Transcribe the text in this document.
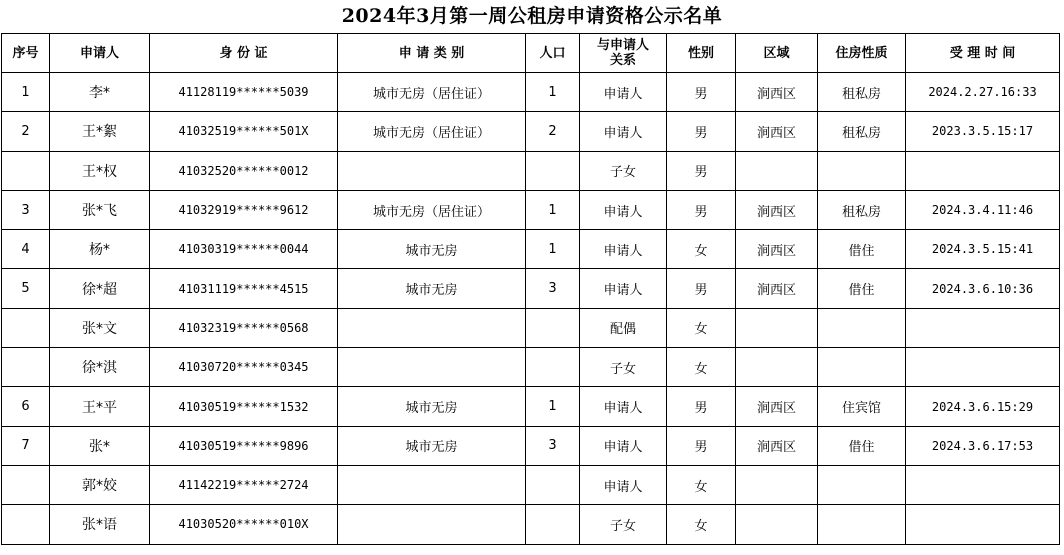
2024年3月第一周公租房申请资格公示名单
序号	申请人	身 份 证	申 请 类 别	人口	与申请人关系	性别	区域	住房性质	受 理 时 间
1	李*	41128119******5039	城市无房（居住证）	1	申请人	男	涧西区	租私房	2024.2.27.16:33
2	王*絮	41032519******501X	城市无房（居住证）	2	申请人	男	涧西区	租私房	2023.3.5.15:17
	王*权	41032520******0012			子女	男			
3	张*飞	41032919******9612	城市无房（居住证）	1	申请人	男	涧西区	租私房	2024.3.4.11:46
4	杨*	41030319******0044	城市无房	1	申请人	女	涧西区	借住	2024.3.5.15:41
5	徐*超	41031119******4515	城市无房	3	申请人	男	涧西区	借住	2024.3.6.10:36
	张*文	41032319******0568			配偶	女			
	徐*淇	41030720******0345			子女	女			
6	王*平	41030519******1532	城市无房	1	申请人	男	涧西区	住宾馆	2024.3.6.15:29
7	张*	41030519******9896	城市无房	3	申请人	男	涧西区	借住	2024.3.6.17:53
	郭*姣	41142219******2724			申请人	女			
	张*语	41030520******010X			子女	女			
